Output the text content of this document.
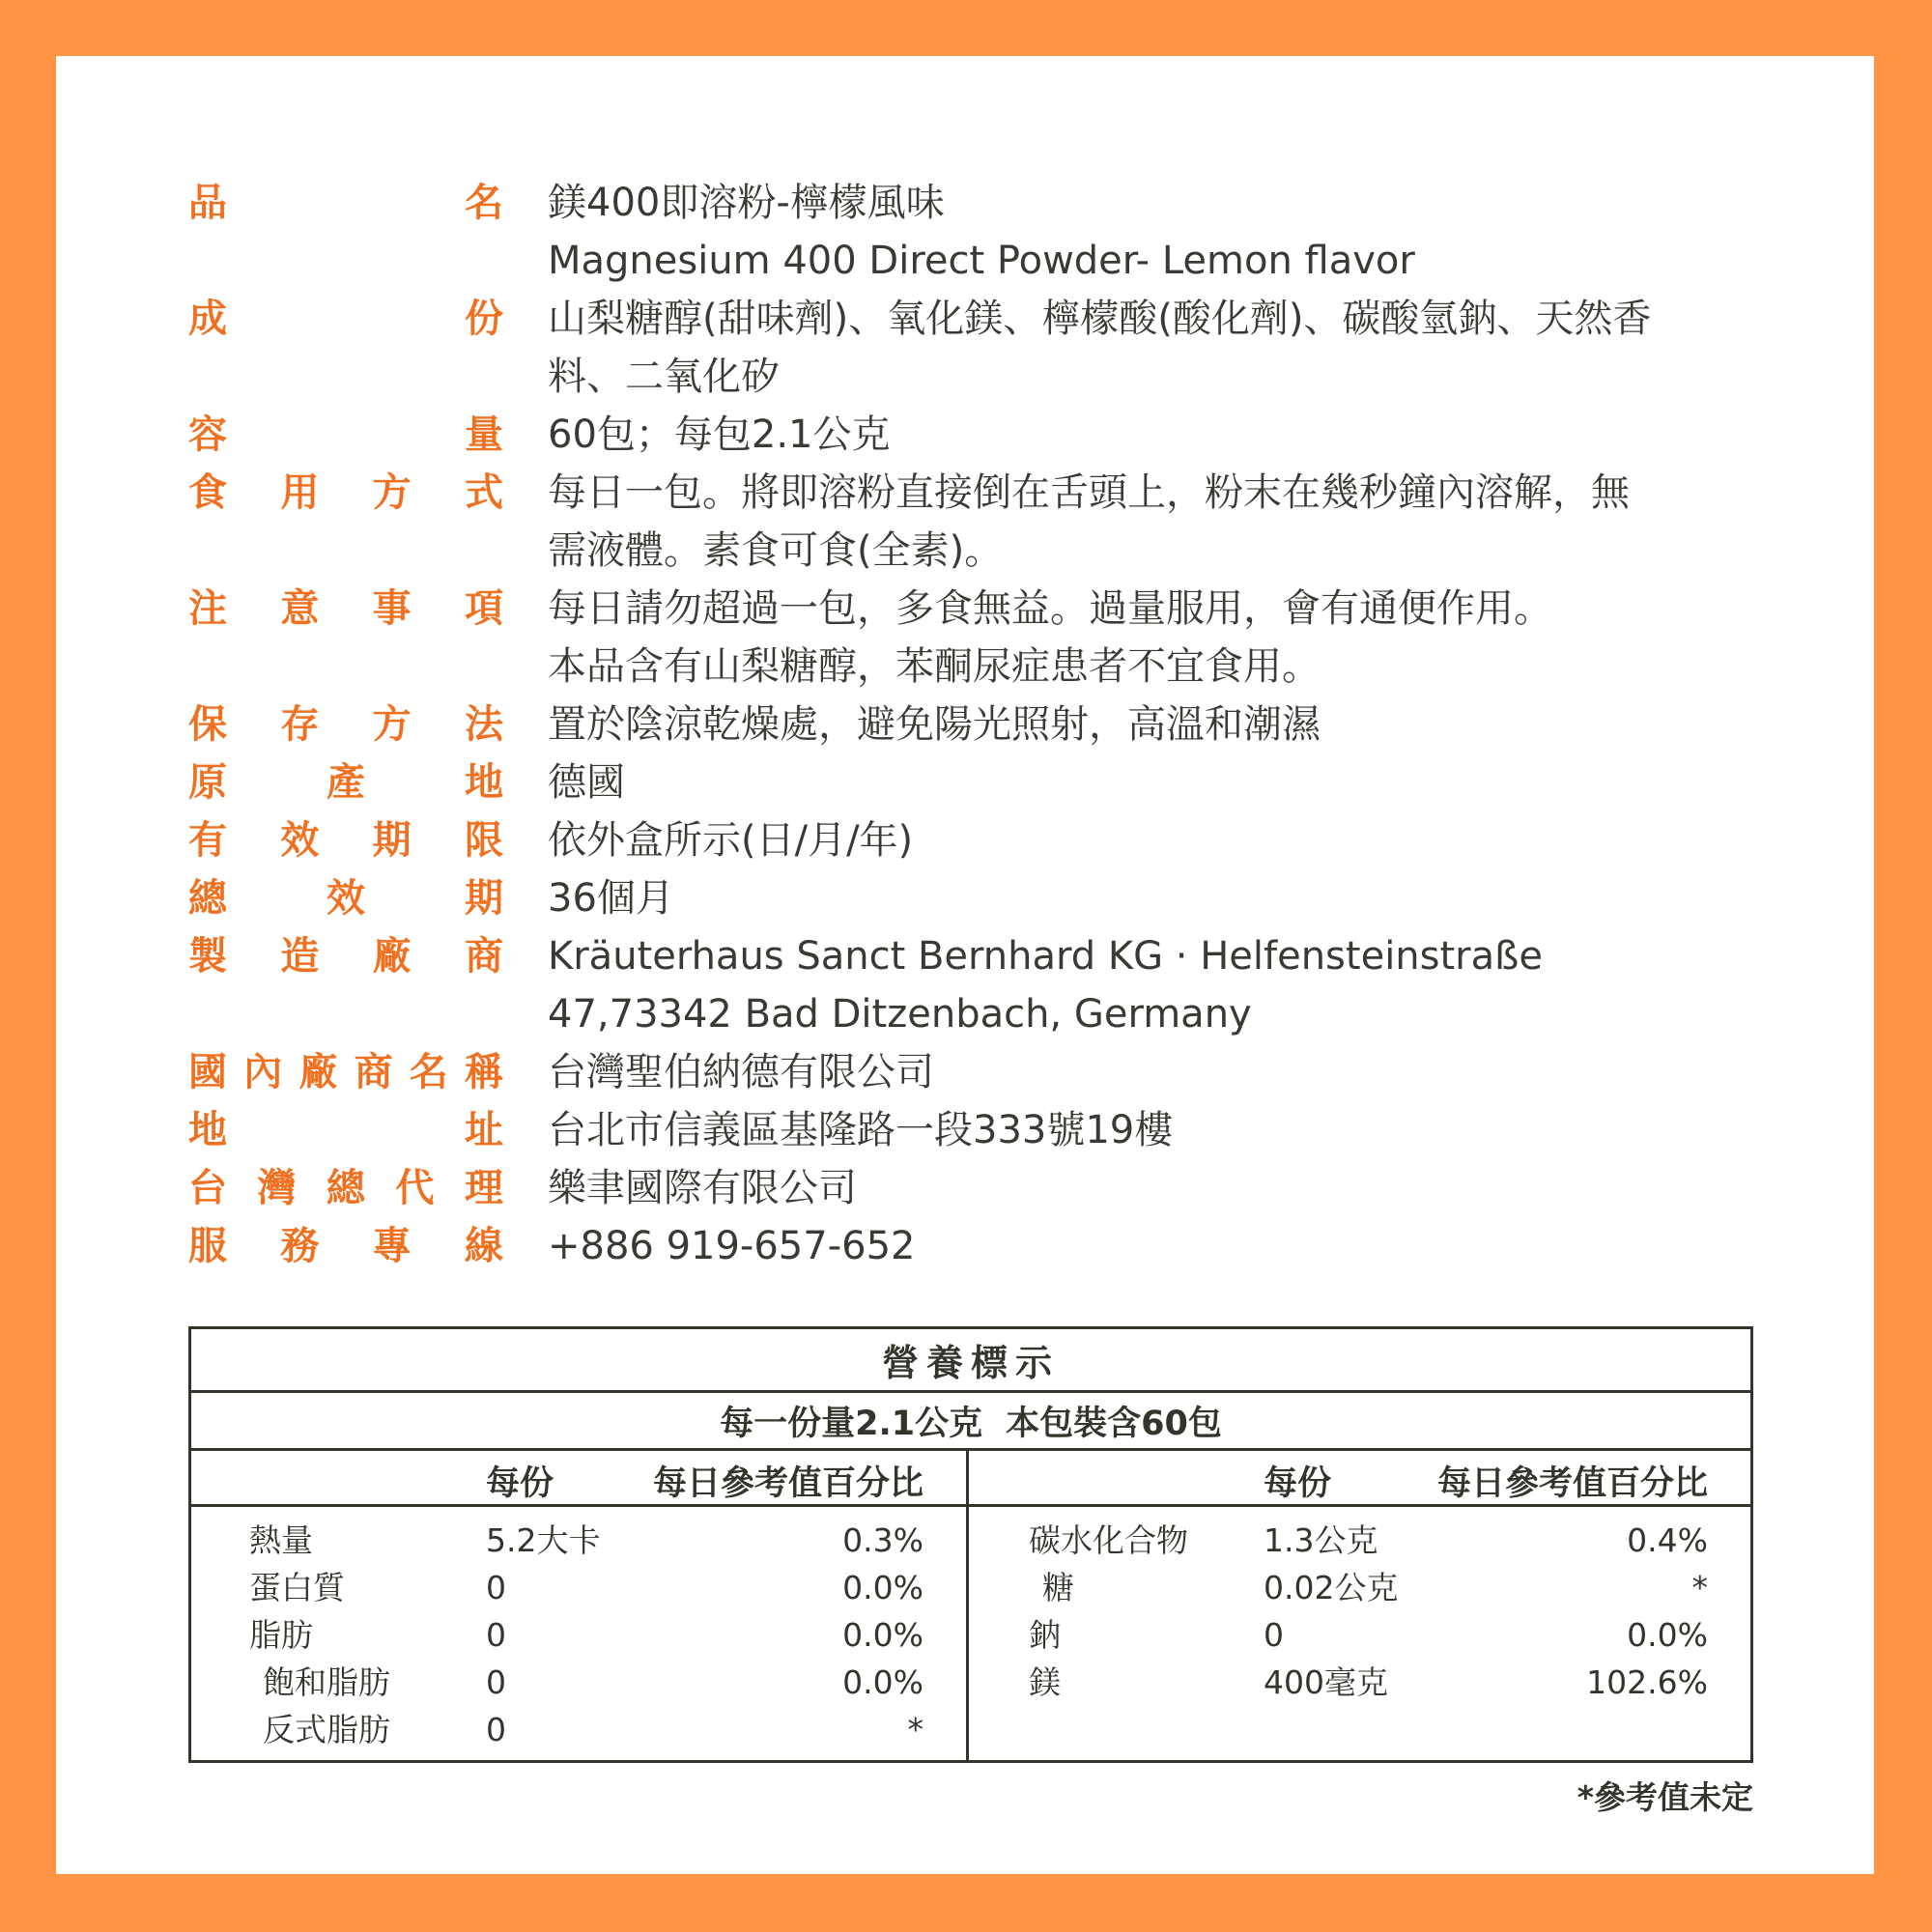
品	名 鎂400即溶粉-檸檬風味
Magnesium 400 Direct Powder- Lemon flavor
成	份 山梨糖醇(甜味劑)、氧化鎂、檸檬酸(酸化劑)、碳酸氫鈉、天然香
料、二氧化矽
容	量 60包；每包2.1公克
食 用 方 式 每日一包。將即溶粉直接倒在舌頭上，粉末在幾秒鐘內溶解，無
需液體。素食可食(全素)。
注 意 事 項 每日請勿超過一包，多食無益。過量服用，會有通便作用。
本品含有山梨糖醇，苯酮尿症患者不宜食用。
保 存 方 法 置於陰涼乾燥處，避免陽光照射，高溫和潮濕
原	產	地 德國
有 效 期 限 依外盒所示(日/月/年)
總	效	期 36個月
製 造 廠 商 Kräuterhaus Sanct Bernhard KG · Helfensteinstraße
47,73342 Bad Ditzenbach, Germany
國 內 廠 商 名 稱 台灣聖伯納德有限公司
地	址 台北市信義區基隆路一段333號19樓
台 灣 總 代 理 樂聿國際有限公司
服 務 專 線 +886 919-657-652
營養標示
每一份量2.1公克 本包裝含60包
每份	每日參考值百分比
熱量	5.2大卡	0.3%
蛋白質	0	0.0%
脂肪	0	0.0%
飽和脂肪	0	0.0%
反式脂肪	0	*
每份	每日參考值百分比
碳水化合物 1.3公克	0.4%
糖	0.02公克	*
鈉	0	0.0%
鎂	400毫克	102.6%
*參考值未定
